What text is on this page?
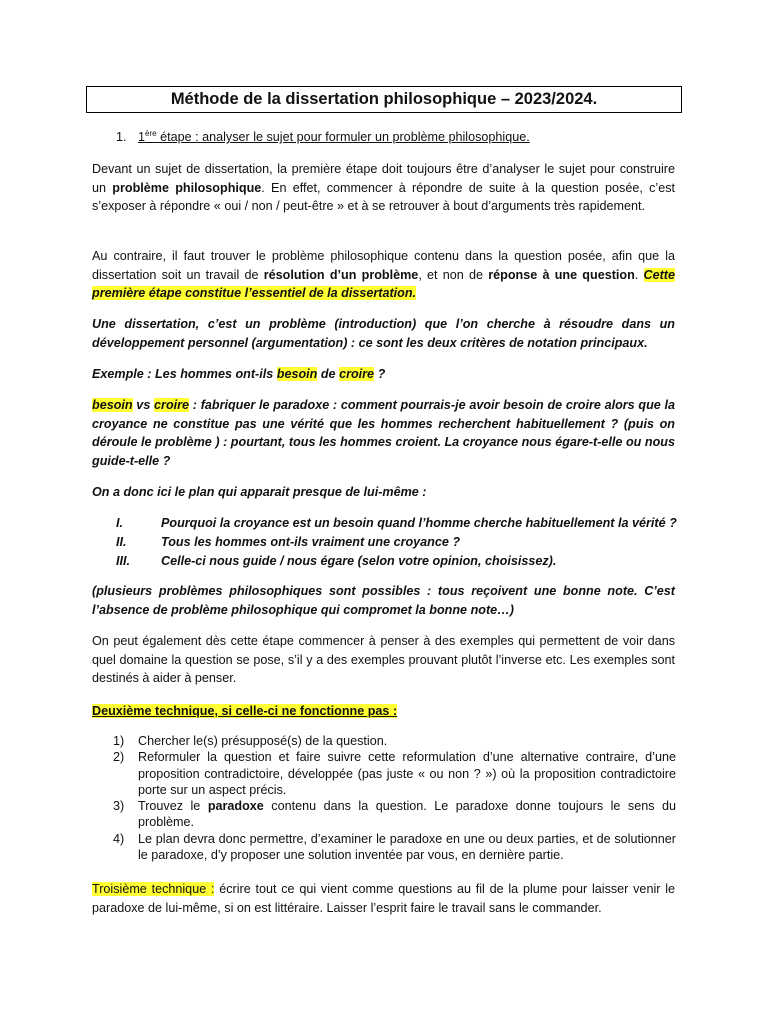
Méthode de la dissertation philosophique – 2023/2024.
1. 1ère étape : analyser le sujet pour formuler un problème philosophique.
Devant un sujet de dissertation, la première étape doit toujours être d’analyser le sujet pour construire un problème philosophique. En effet, commencer à répondre de suite à la question posée, c’est s’exposer à répondre « oui / non / peut-être » et à se retrouver à bout d’arguments très rapidement.
Au contraire, il faut trouver le problème philosophique contenu dans la question posée, afin que la dissertation soit un travail de résolution d’un problème, et non de réponse à une question. Cette première étape constitue l’essentiel de la dissertation.
Une dissertation, c’est un problème (introduction) que l’on cherche à résoudre dans un développement personnel (argumentation) : ce sont les deux critères de notation principaux.
Exemple : Les hommes ont-ils besoin de croire ?
besoin vs croire : fabriquer le paradoxe : comment pourrais-je avoir besoin de croire alors que la croyance ne constitue pas une vérité que les hommes recherchent habituellement ? (puis on déroule le problème ) : pourtant, tous les hommes croient. La croyance nous égare-t-elle ou nous guide-t-elle ?
On a donc ici le plan qui apparait presque de lui-même :
I.	Pourquoi la croyance est un besoin quand l’homme cherche habituellement la vérité ?
II.	Tous les hommes ont-ils vraiment une croyance ?
III. Celle-ci nous guide / nous égare (selon votre opinion, choisissez).
(plusieurs problèmes philosophiques sont possibles : tous reçoivent une bonne note. C’est l’absence de problème philosophique qui compromet la bonne note…)
On peut également dès cette étape commencer à penser à des exemples qui permettent de voir dans quel domaine la question se pose, s’il y a des exemples prouvant plutôt l’inverse etc. Les exemples sont destinés à aider à penser.
Deuxième technique, si celle-ci ne fonctionne pas :
1) Chercher le(s) présupposé(s) de la question.
2) Reformuler la question et faire suivre cette reformulation d’une alternative contraire, d’une proposition contradictoire, développée (pas juste « ou non ? ») où la proposition contradictoire porte sur un aspect précis.
3) Trouvez le paradoxe contenu dans la question. Le paradoxe donne toujours le sens du problème.
4) Le plan devra donc permettre, d’examiner le paradoxe en une ou deux parties, et de solutionner le paradoxe, d’y proposer une solution inventée par vous, en dernière partie.
Troisième technique : écrire tout ce qui vient comme questions au fil de la plume pour laisser venir le paradoxe de lui-même, si on est littéraire. Laisser l’esprit faire le travail sans le commander.
